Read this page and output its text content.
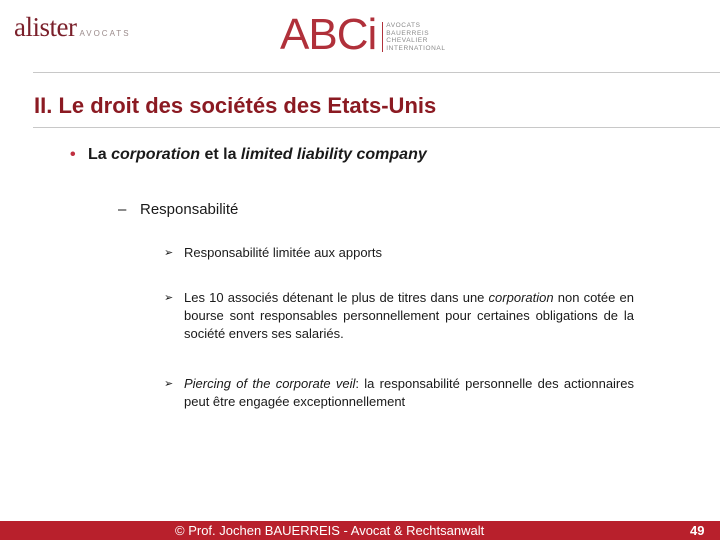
alister AVOCATS	ABCi AVOCATS
BAUERREIS
CHEVALIER
INTERNATIONAL
II. Le droit des sociétés des Etats-Unis
• La corporation et la limited liability company
– Responsabilité
➢ Responsabilité limitée aux apports
➢ Les 10 associés détenant le plus de titres dans une corporation non cotée en bourse sont responsables personnellement pour certaines obligations de la société envers ses salariés.
➢ Piercing of the corporate veil: la responsabilité personnelle des actionnaires peut être engagée exceptionnellement
© Prof. Jochen BAUERREIS - Avocat & Rechtsanwalt	49
